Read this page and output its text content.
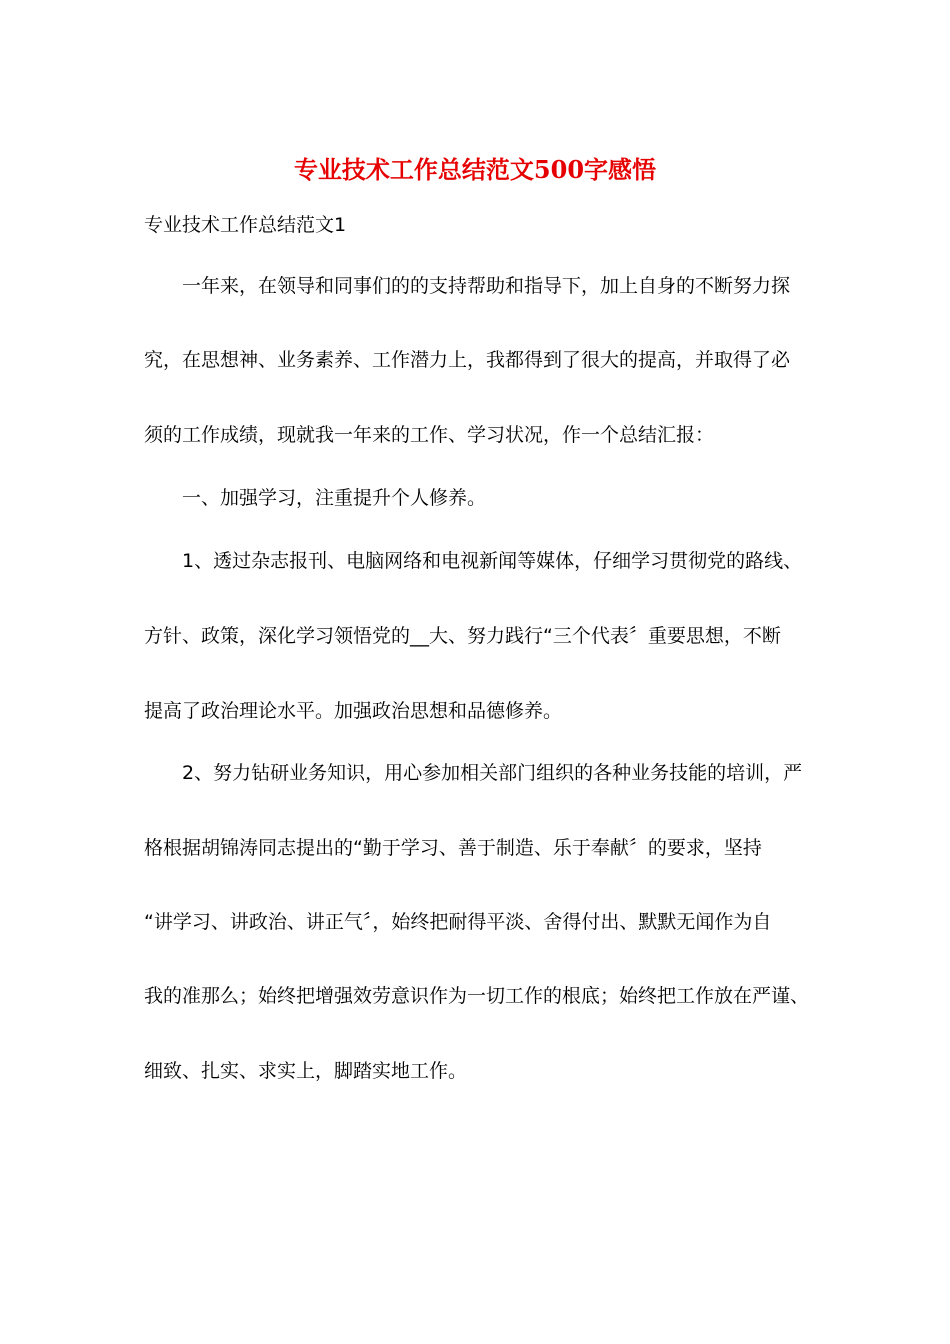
专业技术工作总结范文500字感悟

专业技术工作总结范文1

一年来，在领导和同事们的的支持帮助和指导下，加上自身的不断努力探

究，在思想神、业务素养、工作潜力上，我都得到了很大的提高，并取得了必

须的工作成绩，现就我一年来的工作、学习状况，作一个总结汇报：

一、加强学习，注重提升个人修养。

1、透过杂志报刊、电脑网络和电视新闻等媒体，仔细学习贯彻党的路线、

方针、政策，深化学习领悟党的__大、努力践行“三个代表〞重要思想，不断

提高了政治理论水平。加强政治思想和品德修养。

2、努力钻研业务知识，用心参加相关部门组织的各种业务技能的培训，严

格根据胡锦涛同志提出的“勤于学习、善于制造、乐于奉献〞的要求，坚持

“讲学习、讲政治、讲正气〞，始终把耐得平淡、舍得付出、默默无闻作为自

我的准那么；始终把增强效劳意识作为一切工作的根底；始终把工作放在严谨、

细致、扎实、求实上，脚踏实地工作。
